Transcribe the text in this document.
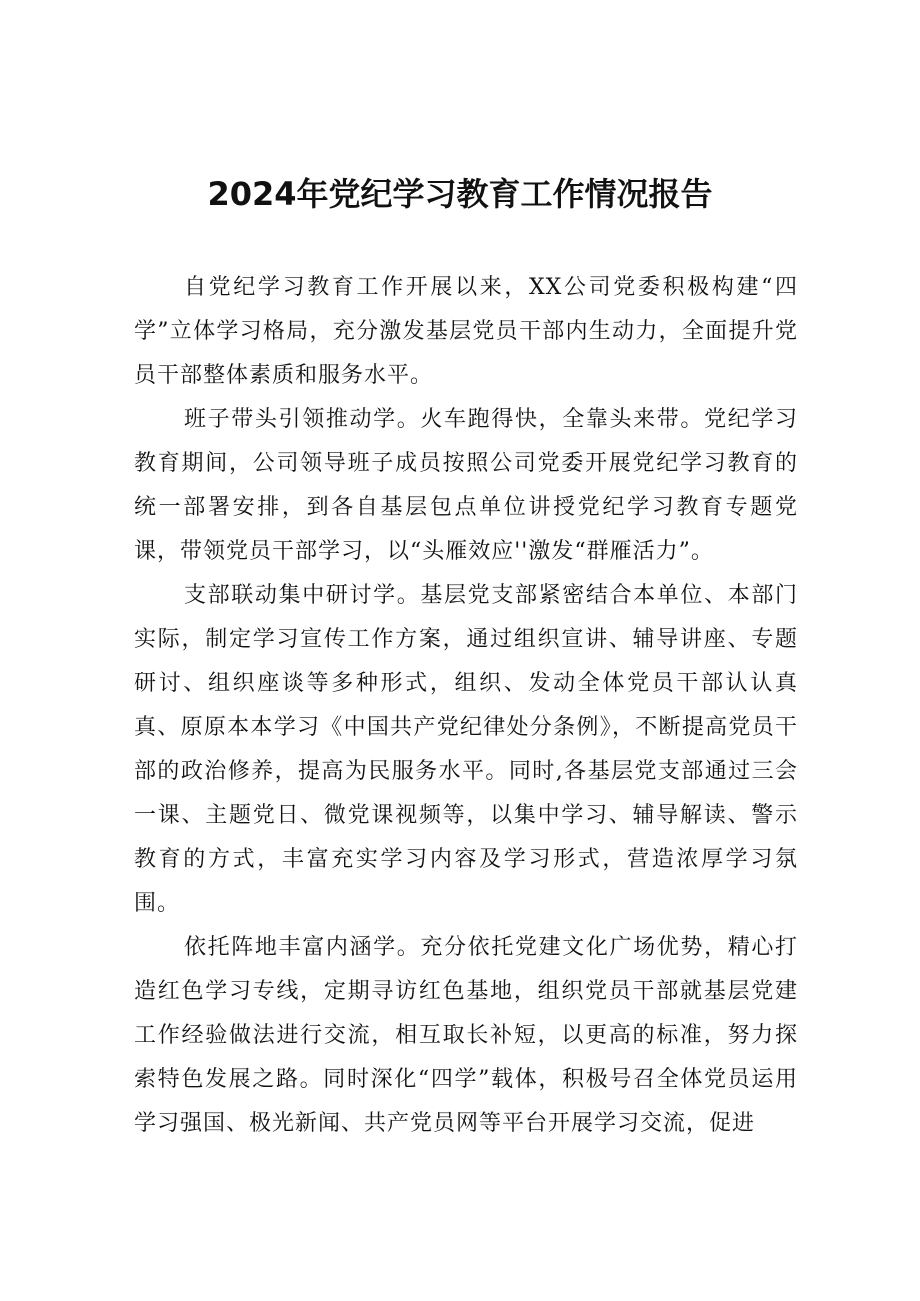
2024年党纪学习教育工作情况报告

自党纪学习教育工作开展以来，XX公司党委积极构建“四学”立体学习格局，充分激发基层党员干部内生动力，全面提升党员干部整体素质和服务水平。

班子带头引领推动学。火车跑得快，全靠头来带。党纪学习教育期间，公司领导班子成员按照公司党委开展党纪学习教育的统一部署安排，到各自基层包点单位讲授党纪学习教育专题党课，带领党员干部学习，以“头雁效应''激发“群雁活力”。

支部联动集中研讨学。基层党支部紧密结合本单位、本部门实际，制定学习宣传工作方案，通过组织宣讲、辅导讲座、专题研讨、组织座谈等多种形式，组织、发动全体党员干部认认真真、原原本本学习《中国共产党纪律处分条例》，不断提高党员干部的政治修养，提高为民服务水平。同时,各基层党支部通过三会一课、主题党日、微党课视频等，以集中学习、辅导解读、警示教育的方式，丰富充实学习内容及学习形式，营造浓厚学习氛围。

依托阵地丰富内涵学。充分依托党建文化广场优势，精心打造红色学习专线，定期寻访红色基地，组织党员干部就基层党建工作经验做法进行交流，相互取长补短，以更高的标准，努力探索特色发展之路。同时深化“四学”载体，积极号召全体党员运用学习强国、极光新闻、共产党员网等平台开展学习交流，促进
